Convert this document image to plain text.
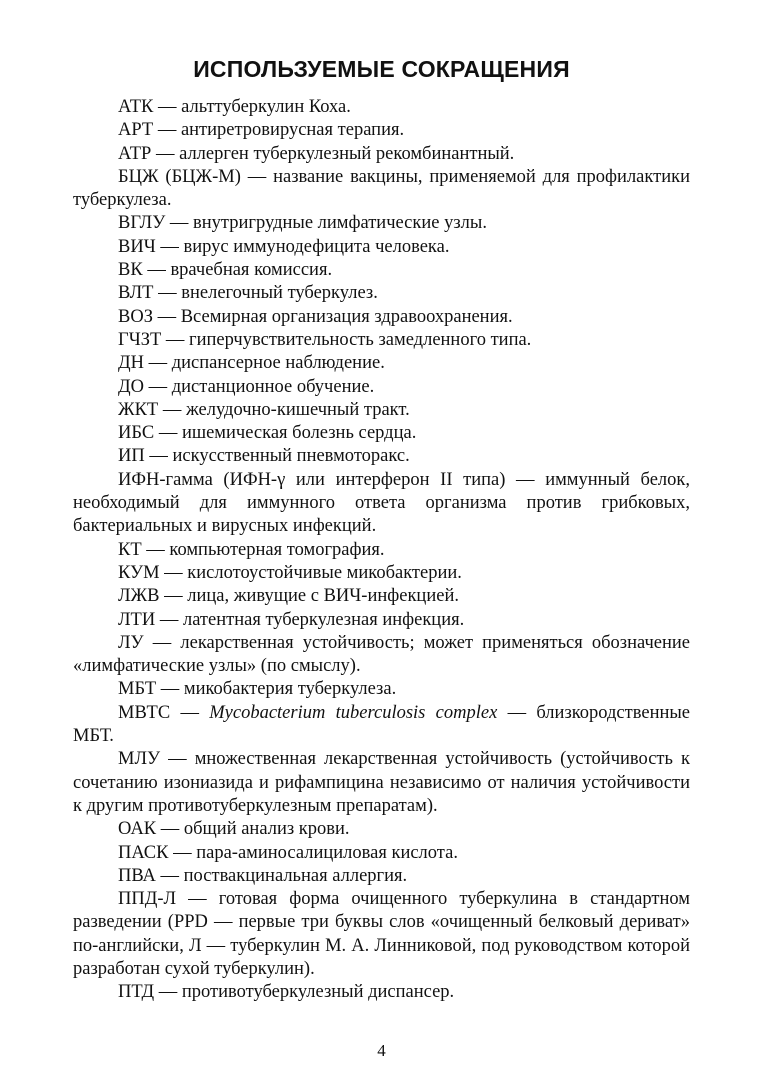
ИСПОЛЬЗУЕМЫЕ СОКРАЩЕНИЯ

АТК — альттуберкулин Коха.

АРТ — антиретровирусная терапия.

АТР — аллерген туберкулезный рекомбинантный.

БЦЖ (БЦЖ-М) — название вакцины, применяемой для профилактики туберкулеза.

ВГЛУ — внутригрудные лимфатические узлы.

ВИЧ — вирус иммунодефицита человека.

ВК — врачебная комиссия.

ВЛТ — внелегочный туберкулез.

ВОЗ — Всемирная организация здравоохранения.

ГЧЗТ — гиперчувствительность замедленного типа.

ДН — диспансерное наблюдение.

ДО — дистанционное обучение.

ЖКТ — желудочно-кишечный тракт.

ИБС — ишемическая болезнь сердца.

ИП — искусственный пневмоторакс.

ИФН-гамма (ИФН-γ или интерферон II типа) — иммунный белок, необходимый для иммунного ответа организма против грибковых, бактериальных и вирусных инфекций.

КТ — компьютерная томография.

КУМ — кислотоустойчивые микобактерии.

ЛЖВ — лица, живущие с ВИЧ-инфекцией.

ЛТИ — латентная туберкулезная инфекция.

ЛУ — лекарственная устойчивость; может применяться обозначение «лимфатические узлы» (по смыслу).

МБТ — микобактерия туберкулеза.

МВТС — Mycobacterium tuberculosis complex — близкородственные МБТ.

МЛУ — множественная лекарственная устойчивость (устойчивость к сочетанию изониазида и рифампицина независимо от наличия устойчивости к другим противотуберкулезным препаратам).

ОАК — общий анализ крови.

ПАСК — пара-аминосалициловая кислота.

ПВА — поствакцинальная аллергия.

ППД-Л — готовая форма очищенного туберкулина в стандартном разведении (PPD — первые три буквы слов «очищенный белковый дериват» по-английски, Л — туберкулин М. А. Линниковой, под руководством которой разработан сухой туберкулин).

ПТД — противотуберкулезный диспансер.

4
